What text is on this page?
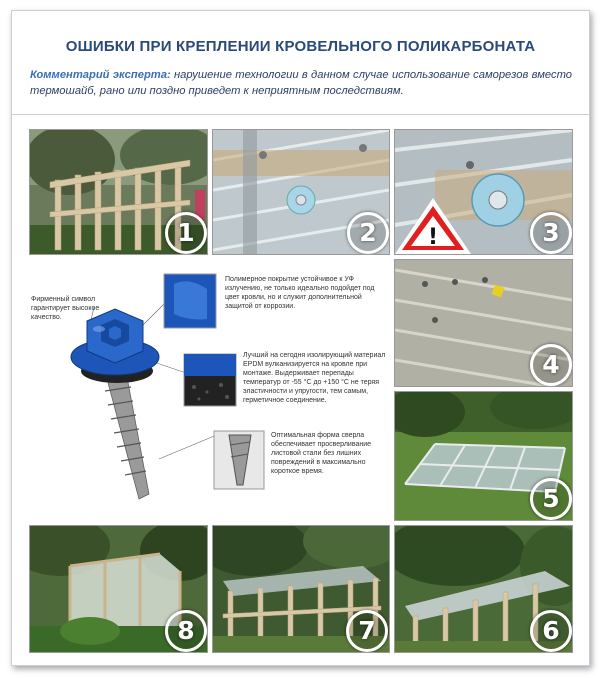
ОШИБКИ ПРИ КРЕПЛЕНИИ КРОВЕЛЬНОГО ПОЛИКАРБОНАТА
Комментарий эксперта: нарушение технологии в данном случае использование саморезов вместо термошайб, рано или поздно приведет к неприятным последствиям.
1	2	!	3
Фирменный символ гарантирует высокое качество.
Полимерное покрытие устойчивое к УФ излучению, не только идеально подойдет под цвет кровли, но и служит дополнительной защитой от коррозии.
Лучший на сегодня изолирующий материал EPDM вулканизируется на кровле при монтаже. Выдерживает перепады температур от -55 °С до +150 °С не теряя эластичности и упругости, тем самым, герметичное соединение.
Оптимальная форма сверла обеспечивает просверливание листовой стали без лишних повреждений в максимально короткое время.
4
5
8	7	6
